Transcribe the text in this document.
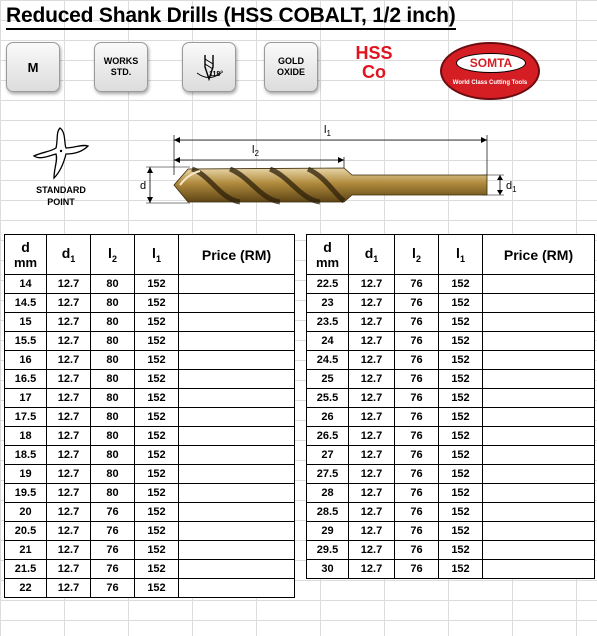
Reduced Shank Drills (HSS COBALT, 1/2 inch)
M	WORKS STD.	118°
GOLD OXIDE
HSS
Co	SOMTA
World Class Cutting Tools
STANDARD POINT
$l_1$
$l_2$
d	$d_1$
d
mm	$d_1$	$l_2$	$l_1$	Price (RM)
14	12.7	80	152	
14.5	12.7	80	152	
15	12.7	80	152	
15.5	12.7	80	152	
16	12.7	80	152	
16.5	12.7	80	152	
17	12.7	80	152	
17.5	12.7	80	152	
18	12.7	80	152	
18.5	12.7	80	152	
19	12.7	80	152	
19.5	12.7	80	152	
20	12.7	76	152	
20.5	12.7	76	152	
21	12.7	76	152	
21.5	12.7	76	152	
22	12.7	76	152	
d
mm	$d_1$	$l_2$	$l_1$	Price (RM)
22.5	12.7	76	152	
23	12.7	76	152	
23.5	12.7	76	152	
24	12.7	76	152	
24.5	12.7	76	152	
25	12.7	76	152	
25.5	12.7	76	152	
26	12.7	76	152	
26.5	12.7	76	152	
27	12.7	76	152	
27.5	12.7	76	152	
28	12.7	76	152	
28.5	12.7	76	152	
29	12.7	76	152	
29.5	12.7	76	152	
30	12.7	76	152	
